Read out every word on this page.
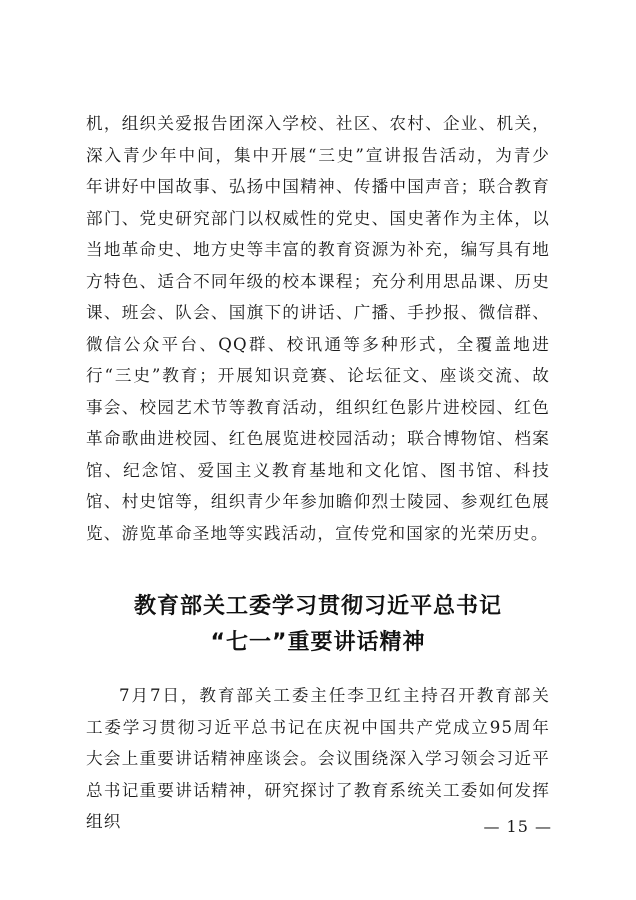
机，组织关爱报告团深入学校、社区、农村、企业、机关，深入青少年中间，集中开展“三史”宣讲报告活动，为青少年讲好中国故事、弘扬中国精神、传播中国声音；联合教育部门、党史研究部门以权威性的党史、国史著作为主体，以当地革命史、地方史等丰富的教育资源为补充，编写具有地方特色、适合不同年级的校本课程；充分利用思品课、历史课、班会、队会、国旗下的讲话、广播、手抄报、微信群、微信公众平台、QQ群、校讯通等多种形式，全覆盖地进行“三史”教育；开展知识竞赛、论坛征文、座谈交流、故事会、校园艺术节等教育活动，组织红色影片进校园、红色革命歌曲进校园、红色展览进校园活动；联合博物馆、档案馆、纪念馆、爱国主义教育基地和文化馆、图书馆、科技馆、村史馆等，组织青少年参加瞻仰烈士陵园、参观红色展览、游览革命圣地等实践活动，宣传党和国家的光荣历史。

教育部关工委学习贯彻习近平总书记
“七一”重要讲话精神

7月7日，教育部关工委主任李卫红主持召开教育部关工委学习贯彻习近平总书记在庆祝中国共产党成立95周年大会上重要讲话精神座谈会。会议围绕深入学习领会习近平总书记重要讲话精神，研究探讨了教育系统关工委如何发挥组织	— 15 —
